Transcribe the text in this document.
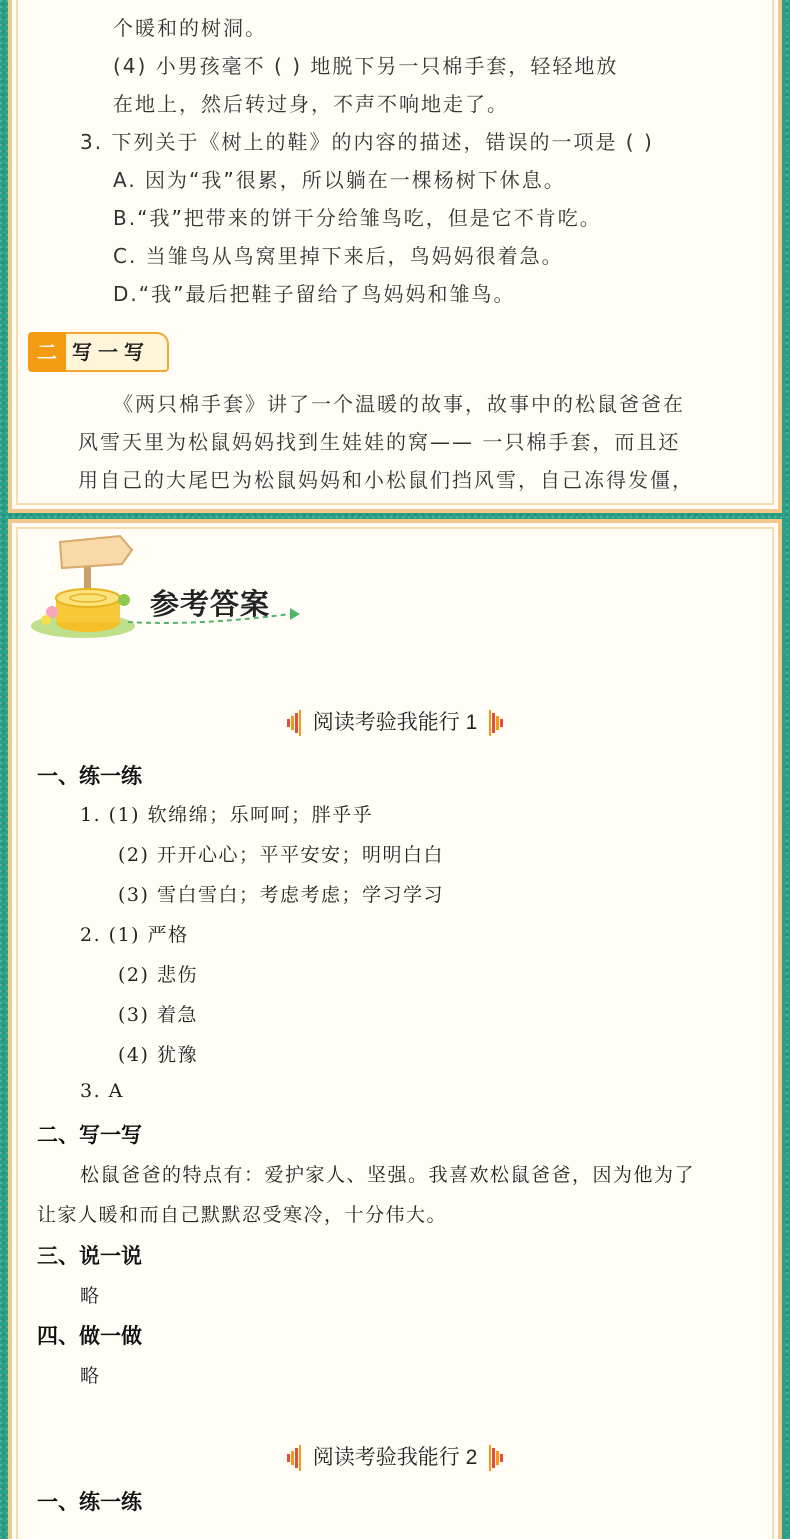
个暖和的树洞。
(4) 小男孩毫不 ( ) 地脱下另一只棉手套，轻轻地放
在地上，然后转过身，不声不响地走了。
3. 下列关于《树上的鞋》的内容的描述，错误的一项是 ( )
A. 因为“我”很累，所以躺在一棵杨树下休息。
B.“我”把带来的饼干分给雏鸟吃，但是它不肯吃。
C. 当雏鸟从鸟窝里掉下来后，鸟妈妈很着急。
D.“我”最后把鞋子留给了鸟妈妈和雏鸟。
二 写一写
《两只棉手套》讲了一个温暖的故事，故事中的松鼠爸爸在
风雪天里为松鼠妈妈找到生娃娃的窝—— 一只棉手套，而且还
用自己的大尾巴为松鼠妈妈和小松鼠们挡风雪，自己冻得发僵，
参考答案
阅读考验我能行 1
一、练一练
1. (1) 软绵绵；乐呵呵；胖乎乎
(2) 开开心心；平平安安；明明白白
(3) 雪白雪白；考虑考虑；学习学习
2. (1) 严格
(2) 悲伤
(3) 着急
(4) 犹豫
3. A
二、写一写
松鼠爸爸的特点有：爱护家人、坚强。我喜欢松鼠爸爸，因为他为了
让家人暖和而自己默默忍受寒冷，十分伟大。
三、说一说
略
四、做一做
略
阅读考验我能行 2
一、练一练
